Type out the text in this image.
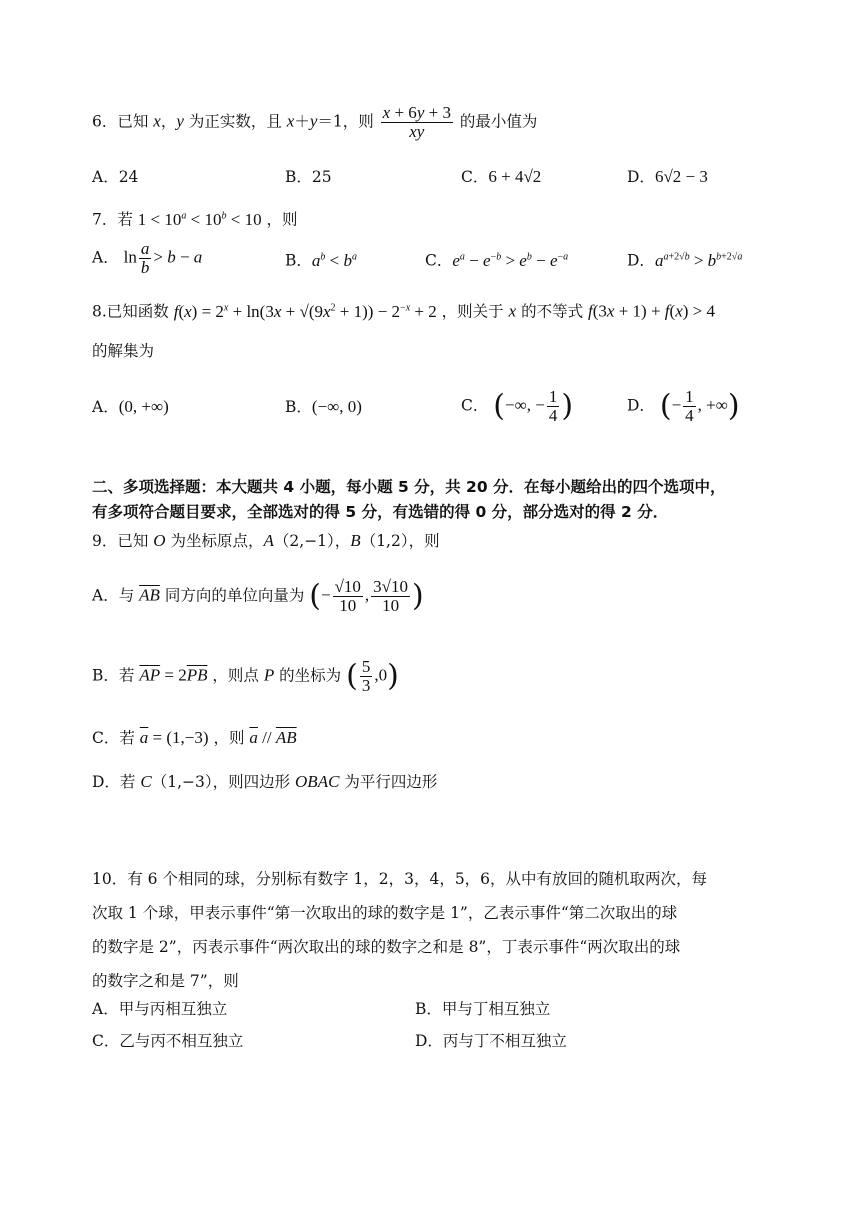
6．已知 x，y 为正实数，且 x＋y＝1，则 $\frac{x + 6y + 3}{xy}$ 的最小值为
A．24	B．25	C．6 + 4√2	D．6√2 − 3
7．若 $1 < 10^a < 10^b < 10$ ，则
A． $\ln \frac{a}{b} > b - a$	B．$a^b < b^a$	C．$e^a - e^{-b} > e^b - e^{-a}$	D．$a^{a+2√b} > b^{b+2√a}$
8.已知函数 $f(x) = 2^x + \ln(3x + √(9x^2 + 1)) - 2^{-x} + 2$ ，则关于 x 的不等式 f(3x + 1) + f(x) > 4
的解集为
A．(0, +∞)	B．(−∞, 0)	C． (−∞, − $\frac{1}{4}$ )	D． (− $\frac{1}{4}$ , +∞)
二、多项选择题：本大题共 4 小题，每小题 5 分，共 20 分．在每小题给出的四个选项中，
有多项符合题目要求，全部选对的得 5 分，有选错的得 0 分，部分选对的得 2 分．
9．已知 O 为坐标原点，A（2,−1），B（1,2），则
A．与 $\overline{AB}$ 同方向的单位向量为 (− $\frac{√10}{10}$ , $\frac{3√10}{10}$ )
B．若 $\overline{AP} = 2\overline{PB}$ ，则点 P 的坐标为 ( $\frac{5}{3} ,0$)
C．若 $\overline{a} = (1,-3)$ ，则 $\overline{a} // \overline{AB}$
D．若 C（1,−3），则四边形 OBAC 为平行四边形
10．有 6 个相同的球，分别标有数字 1，2，3，4，5，6，从中有放回的随机取两次，每
次取 1 个球，甲表示事件“第一次取出的球的数字是 1”，乙表示事件“第二次取出的球
的数字是 2”，丙表示事件“两次取出的球的数字之和是 8”，丁表示事件“两次取出的球
的数字之和是 7”，则
A．甲与丙相互独立	B．甲与丁相互独立
C．乙与丙不相互独立	D．丙与丁不相互独立
